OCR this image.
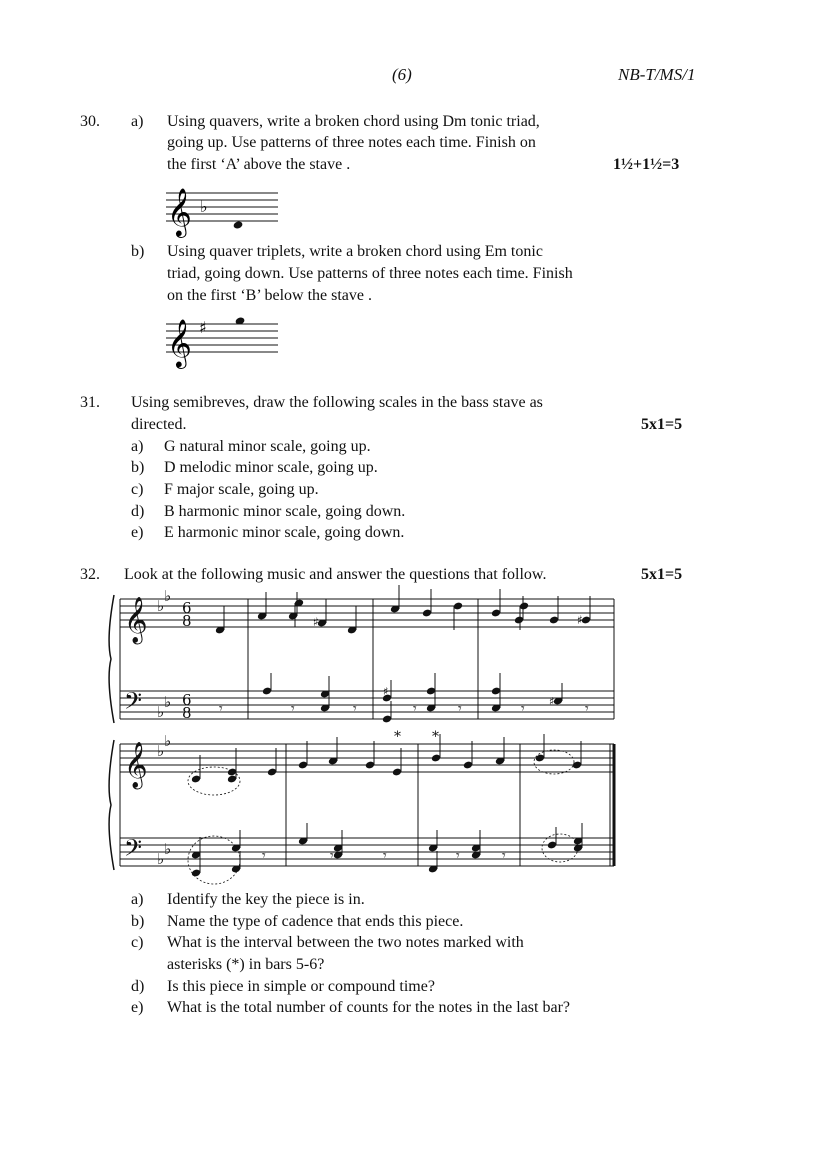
(6)	NB-T/MS/1
30. a) Using quavers, write a broken chord using Dm tonic triad,
going up. Use patterns of three notes each time. Finish on
the first ‘A’ above the stave .	1½+1½=3
𝄞 ♭
b) Using quaver triplets, write a broken chord using Em tonic
triad, going down. Use patterns of three notes each time. Finish
on the first ‘B’ below the stave .
𝄞 ♯
31. Using semibreves, draw the following scales in the bass stave as
directed.	5x1=5
a) G natural minor scale, going up.
b) D melodic minor scale, going up.
c) F major scale, going up.
d) B harmonic minor scale, going down.
e) E harmonic minor scale, going down.
32. Look at the following music and answer the questions that follow.	5x1=5
𝄞
𝄢
♭
♭
♭
♭
6
8
6
8
♯	♯
♯
♯
𝄾	𝄾	𝄾	𝄾	𝄾	𝄾	𝄾
𝄞
𝄢
♭
♭
♭
♭
* *
𝄾	𝄾	𝄾	𝄾	𝄾
a) Identify the key the piece is in.
b) Name the type of cadence that ends this piece.
c) What is the interval between the two notes marked with
asterisks (*) in bars 5-6?
d) Is this piece in simple or compound time?
e) What is the total number of counts for the notes in the last bar?
